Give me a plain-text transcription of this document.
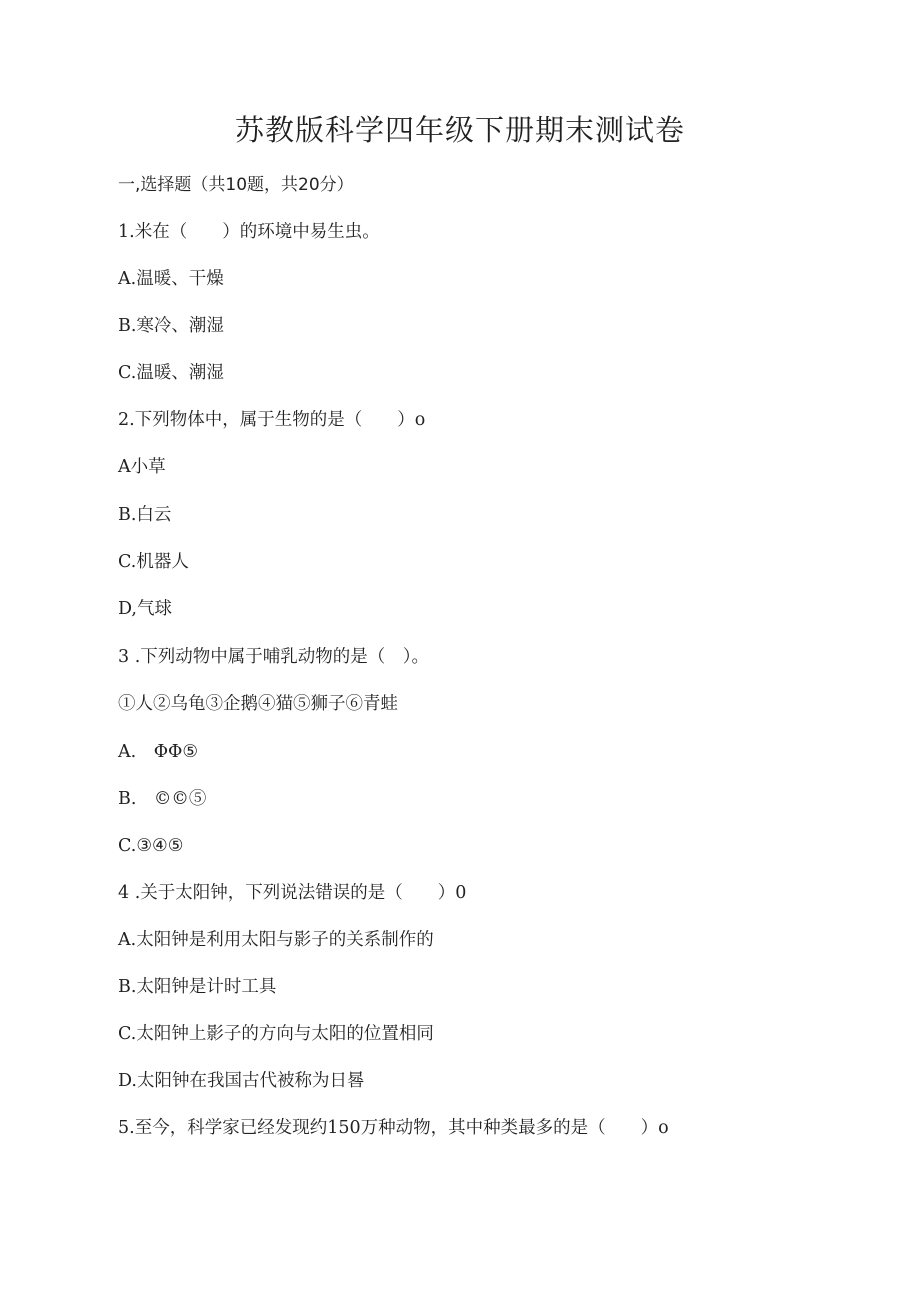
苏教版科学四年级下册期末测试卷
一,选择题（共10题，共20分）
1.米在（　　）的环境中易生虫。
A.温暖、干燥
B.寒冷、潮湿
C.温暖、潮湿
2.下列物体中，属于生物的是（　　）o
A小草
B.白云
C.机器人
D,气球
3 .下列动物中属于哺乳动物的是（　）。
①人②乌龟③企鹅④猫⑤狮子⑥青蛙
A.　ΦΦ⑤
B.　©©⑤
C.③④⑤
4 .关于太阳钟，下列说法错误的是（　　）0
A.太阳钟是利用太阳与影子的关系制作的
B.太阳钟是计时工具
C.太阳钟上影子的方向与太阳的位置相同
D.太阳钟在我国古代被称为日晷
5.至今，科学家已经发现约150万种动物，其中种类最多的是（　　）o
